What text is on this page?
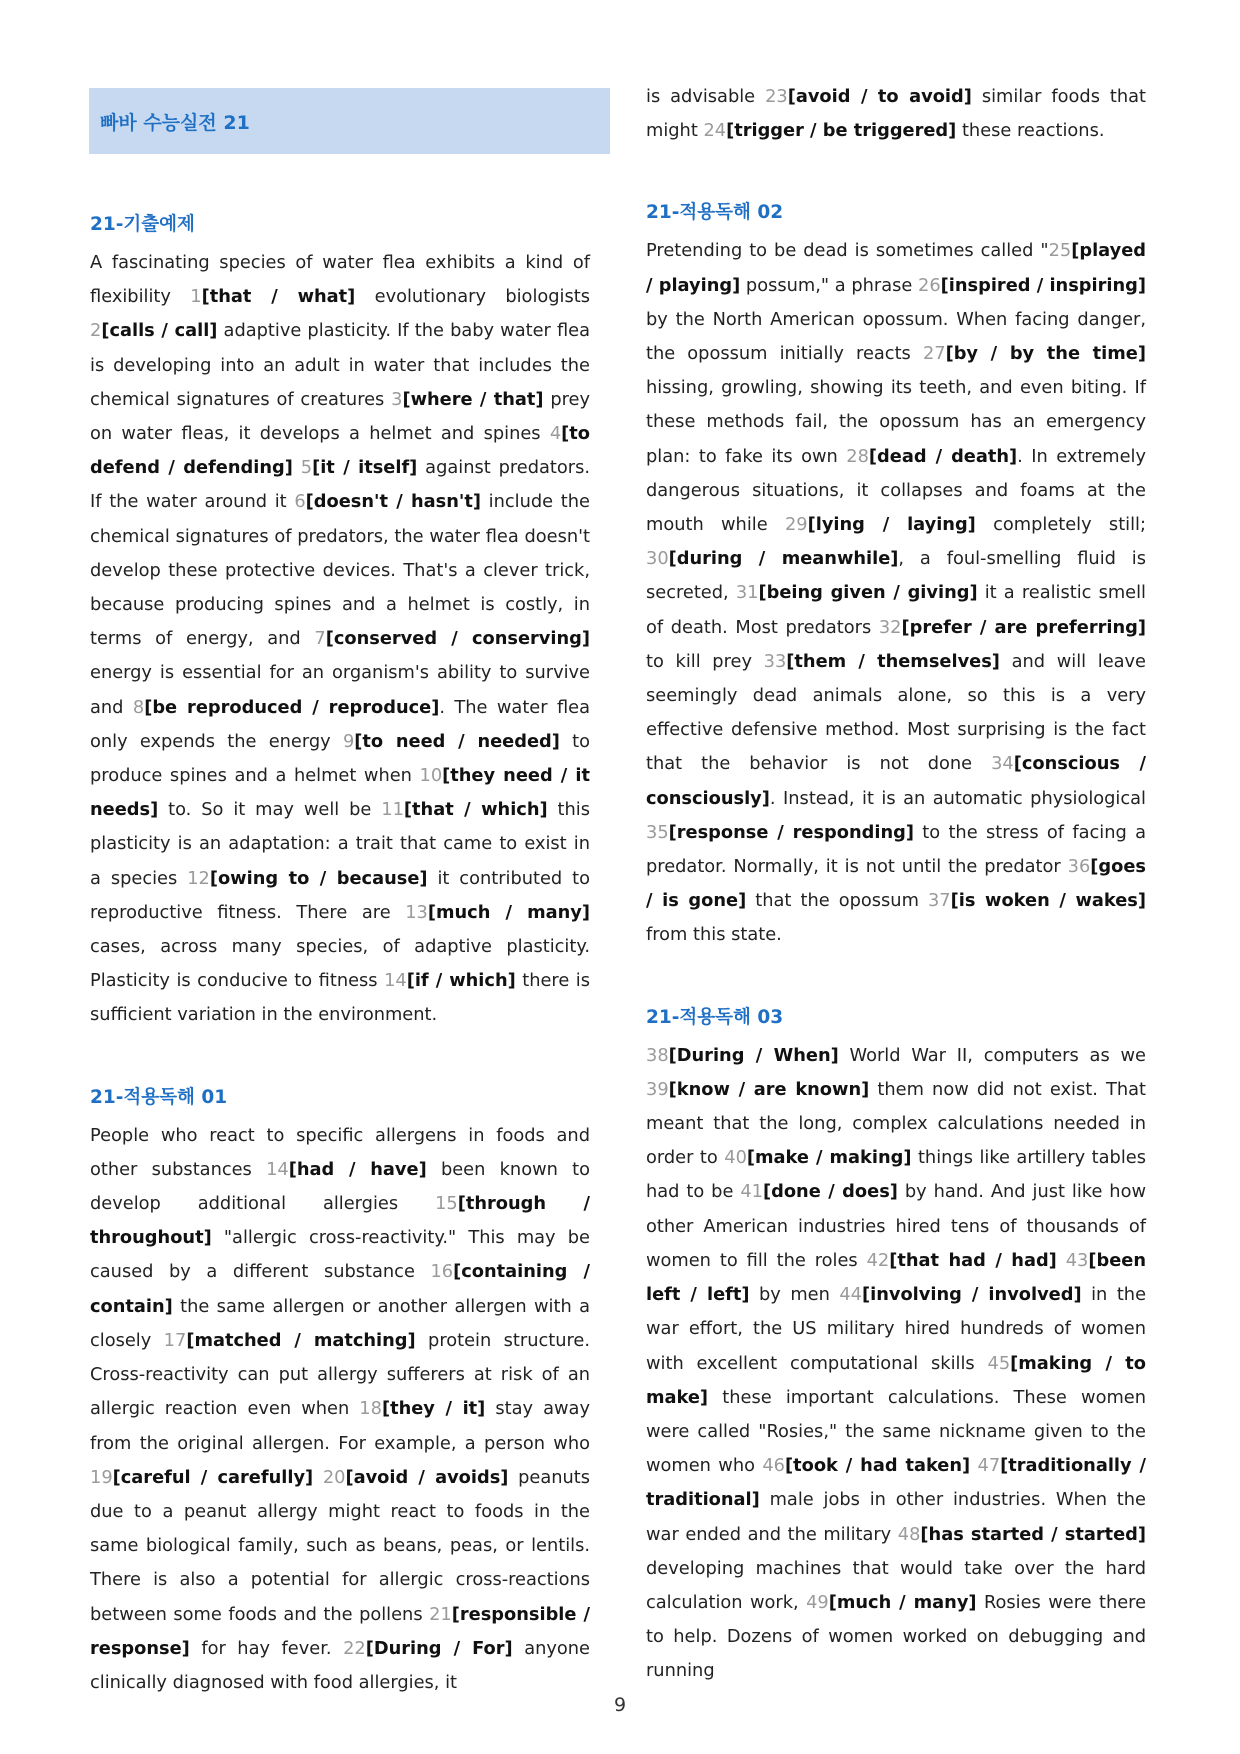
빠바 수능실전 21
21-기출예제

A fascinating species of water flea exhibits a kind of flexibility 1[that / what] evolutionary biologists 2[calls / call] adaptive plasticity. If the baby water flea is developing into an adult in water that includes the chemical signatures of creatures 3[where / that] prey on water fleas, it develops a helmet and spines 4[to defend / defending] 5[it / itself] against predators. If the water around it 6[doesn't / hasn't] include the chemical signatures of predators, the water flea doesn't develop these protective devices. That's a clever trick, because producing spines and a helmet is costly, in terms of energy, and 7[conserved / conserving] energy is essential for an organism's ability to survive and 8[be reproduced / reproduce]. The water flea only expends the energy 9[to need / needed] to produce spines and a helmet when 10[they need / it needs] to. So it may well be 11[that / which] this plasticity is an adaptation: a trait that came to exist in a species 12[owing to / because] it contributed to reproductive fitness. There are 13[much / many] cases, across many species, of adaptive plasticity. Plasticity is conducive to fitness 14[if / which] there is sufficient variation in the environment.

21-적용독해 01

People who react to specific allergens in foods and other substances 14[had / have] been known to develop additional allergies 15[through / throughout] "allergic cross-reactivity." This may be caused by a different substance 16[containing / contain] the same allergen or another allergen with a closely 17[matched / matching] protein structure. Cross-reactivity can put allergy sufferers at risk of an allergic reaction even when 18[they / it] stay away from the original allergen. For example, a person who 19[careful / carefully] 20[avoid / avoids] peanuts due to a peanut allergy might react to foods in the same biological family, such as beans, peas, or lentils. There is also a potential for allergic cross-reactions between some foods and the pollens 21[responsible / response] for hay fever. 22[During / For] anyone clinically diagnosed with food allergies, it

is advisable 23[avoid / to avoid] similar foods that might 24[trigger / be triggered] these reactions.

21-적용독해 02

Pretending to be dead is sometimes called "25[played / playing] possum," a phrase 26[inspired / inspiring] by the North American opossum. When facing danger, the opossum initially reacts 27[by / by the time] hissing, growling, showing its teeth, and even biting. If these methods fail, the opossum has an emergency plan: to fake its own 28[dead / death]. In extremely dangerous situations, it collapses and foams at the mouth while 29[lying / laying] completely still; 30[during / meanwhile], a foul-smelling fluid is secreted, 31[being given / giving] it a realistic smell of death. Most predators 32[prefer / are preferring] to kill prey 33[them / themselves] and will leave seemingly dead animals alone, so this is a very effective defensive method. Most surprising is the fact that the behavior is not done 34[conscious / consciously]. Instead, it is an automatic physiological 35[response / responding] to the stress of facing a predator. Normally, it is not until the predator 36[goes / is gone] that the opossum 37[is woken / wakes] from this state.

21-적용독해 03

38[During / When] World War II, computers as we 39[know / are known] them now did not exist. That meant that the long, complex calculations needed in order to 40[make / making] things like artillery tables had to be 41[done / does] by hand. And just like how other American industries hired tens of thousands of women to fill the roles 42[that had / had] 43[been left / left] by men 44[involving / involved] in the war effort, the US military hired hundreds of women with excellent computational skills 45[making / to make] these important calculations. These women were called "Rosies," the same nickname given to the women who 46[took / had taken] 47[traditionally / traditional] male jobs in other industries. When the war ended and the military 48[has started / started] developing machines that would take over the hard calculation work, 49[much / many] Rosies were there to help. Dozens of women worked on debugging and running

9
